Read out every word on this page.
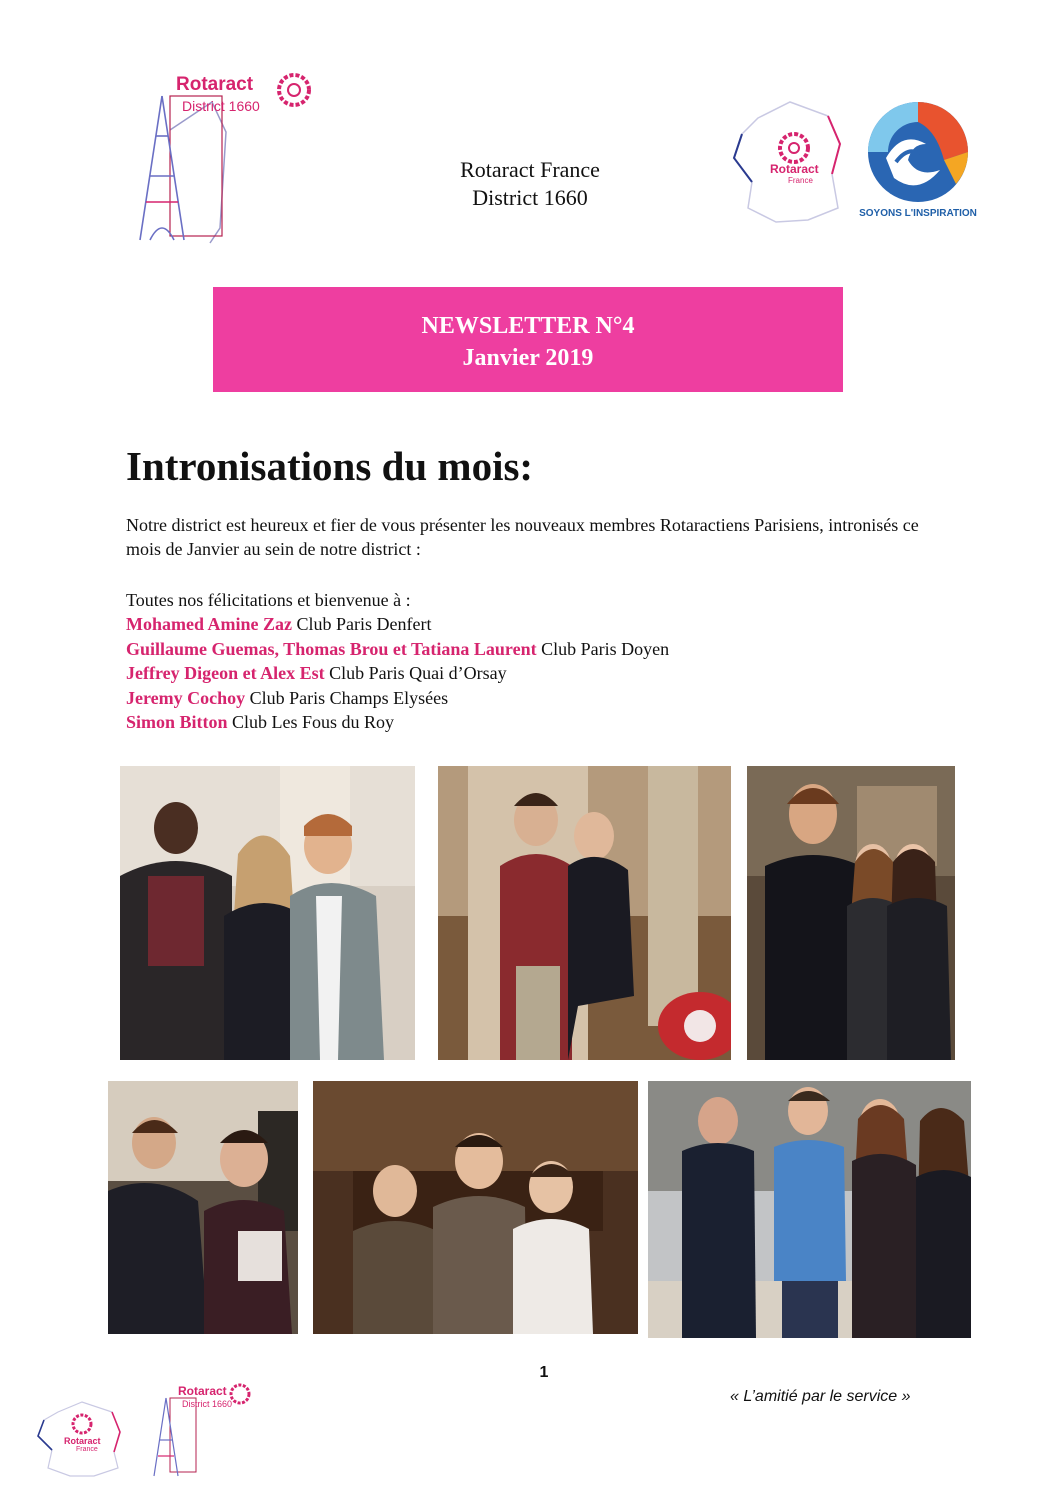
Rotaract
District 1660
Rotaract France
District 1660
Rotaract
France
SOYONS L'INSPIRATION
NEWSLETTER N°4
Janvier 2019
Intronisations du mois:
Notre district est heureux et fier de vous présenter les nouveaux membres Rotaractiens Parisiens, intronisés ce mois de Janvier au sein de notre district :
Toutes nos félicitations et bienvenue à :
Mohamed Amine Zaz Club Paris Denfert
Guillaume Guemas, Thomas Brou et Tatiana Laurent Club Paris Doyen
Jeffrey Digeon et Alex Est Club Paris Quai d’Orsay
Jeremy Cochoy Club Paris Champs Elysées
Simon Bitton Club Les Fous du Roy
1
« L’amitié par le service »
Rotaract
France
Rotaract
District 1660
